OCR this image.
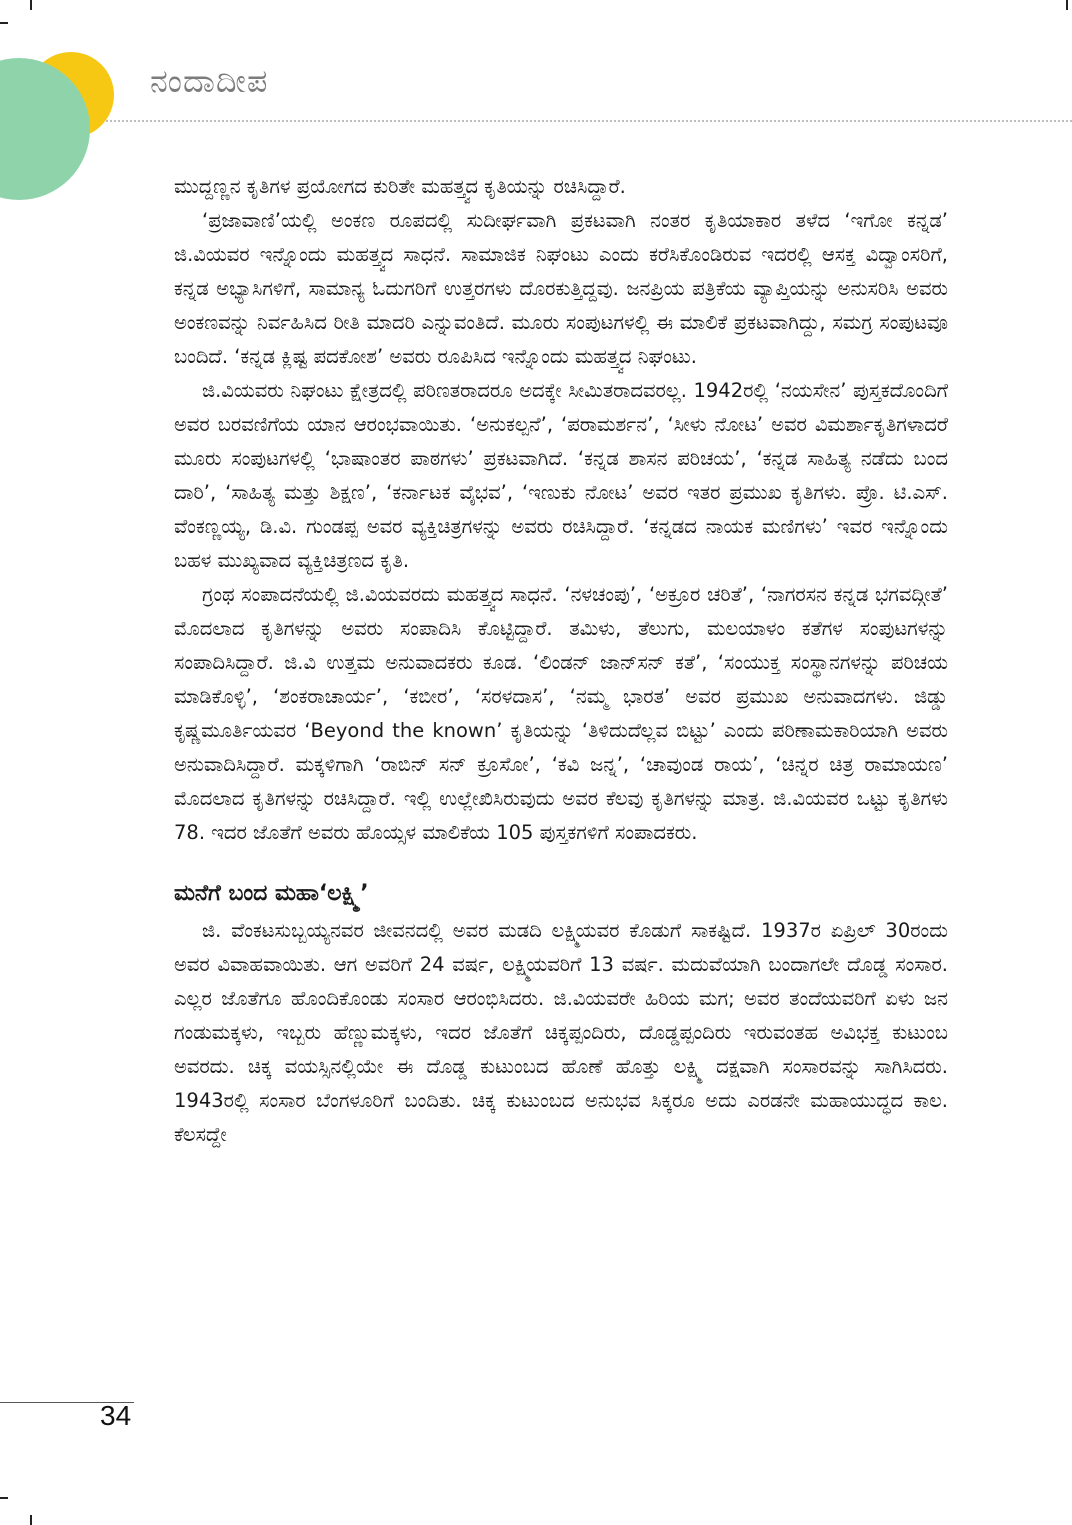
ನಂದಾದೀಪ

ಮುದ್ದಣ್ಣನ ಕೃತಿಗಳ ಪ್ರಯೋಗದ ಕುರಿತೇ ಮಹತ್ತ್ವದ ಕೃತಿಯನ್ನು ರಚಿಸಿದ್ದಾರೆ.

‘ಪ್ರಜಾವಾಣಿ’ಯಲ್ಲಿ ಅಂಕಣ ರೂಪದಲ್ಲಿ ಸುದೀರ್ಘವಾಗಿ ಪ್ರಕಟವಾಗಿ ನಂತರ ಕೃತಿಯಾಕಾರ ತಳೆದ ‘ಇಗೋ ಕನ್ನಡ’ ಜಿ.ವಿಯವರ ಇನ್ನೊಂದು ಮಹತ್ತ್ವದ ಸಾಧನೆ. ಸಾಮಾಜಿಕ ನಿಘಂಟು ಎಂದು ಕರೆಸಿಕೊಂಡಿರುವ ಇದರಲ್ಲಿ ಆಸಕ್ತ ವಿದ್ವಾಂಸರಿಗೆ, ಕನ್ನಡ ಅಭ್ಯಾಸಿಗಳಿಗೆ, ಸಾಮಾನ್ಯ ಓದುಗರಿಗೆ ಉತ್ತರಗಳು ದೊರಕುತ್ತಿದ್ದವು. ಜನಪ್ರಿಯ ಪತ್ರಿಕೆಯ ವ್ಯಾಪ್ತಿಯನ್ನು ಅನುಸರಿಸಿ ಅವರು ಅಂಕಣವನ್ನು ನಿರ್ವಹಿಸಿದ ರೀತಿ ಮಾದರಿ ಎನ್ನುವಂತಿದೆ. ಮೂರು ಸಂಪುಟಗಳಲ್ಲಿ ಈ ಮಾಲಿಕೆ ಪ್ರಕಟವಾಗಿದ್ದು, ಸಮಗ್ರ ಸಂಪುಟವೂ ಬಂದಿದೆ. ‘ಕನ್ನಡ ಕ್ಲಿಷ್ಟ ಪದಕೋಶ’ ಅವರು ರೂಪಿಸಿದ ಇನ್ನೊಂದು ಮಹತ್ತ್ವದ ನಿಘಂಟು.

ಜಿ.ವಿಯವರು ನಿಘಂಟು ಕ್ಷೇತ್ರದಲ್ಲಿ ಪರಿಣತರಾದರೂ ಅದಕ್ಕೇ ಸೀಮಿತರಾದವರಲ್ಲ. 1942ರಲ್ಲಿ ‘ನಯಸೇನ’ ಪುಸ್ತಕದೊಂದಿಗೆ ಅವರ ಬರವಣಿಗೆಯ ಯಾನ ಆರಂಭವಾಯಿತು. ‘ಅನುಕಲ್ಪನೆ’, ‘ಪರಾಮರ್ಶನ’, ‘ಸೀಳು ನೋಟ’ ಅವರ ವಿಮರ್ಶಾಕೃತಿಗಳಾದರೆ ಮೂರು ಸಂಪುಟಗಳಲ್ಲಿ ‘ಭಾಷಾಂತರ ಪಾಠಗಳು’ ಪ್ರಕಟವಾಗಿದೆ. ‘ಕನ್ನಡ ಶಾಸನ ಪರಿಚಯ’, ‘ಕನ್ನಡ ಸಾಹಿತ್ಯ ನಡೆದು ಬಂದ ದಾರಿ’, ‘ಸಾಹಿತ್ಯ ಮತ್ತು ಶಿಕ್ಷಣ’, ‘ಕರ್ನಾಟಕ ವೈಭವ’, ‘ಇಣುಕು ನೋಟ’ ಅವರ ಇತರ ಪ್ರಮುಖ ಕೃತಿಗಳು. ಪ್ರೊ. ಟಿ.ಎಸ್. ವೆಂಕಣ್ಣಯ್ಯ, ಡಿ.ವಿ. ಗುಂಡಪ್ಪ ಅವರ ವ್ಯಕ್ತಿಚಿತ್ರಗಳನ್ನು ಅವರು ರಚಿಸಿದ್ದಾರೆ. ‘ಕನ್ನಡದ ನಾಯಕ ಮಣಿಗಳು’ ಇವರ ಇನ್ನೊಂದು ಬಹಳ ಮುಖ್ಯವಾದ ವ್ಯಕ್ತಿಚಿತ್ರಣದ ಕೃತಿ.

ಗ್ರಂಥ ಸಂಪಾದನೆಯಲ್ಲಿ ಜಿ.ವಿಯವರದು ಮಹತ್ತ್ವದ ಸಾಧನೆ. ‘ನಳಚಂಪು’, ‘ಅಕ್ರೂರ ಚರಿತೆ’, ‘ನಾಗರಸನ ಕನ್ನಡ ಭಗವದ್ಗೀತೆ’ ಮೊದಲಾದ ಕೃತಿಗಳನ್ನು ಅವರು ಸಂಪಾದಿಸಿ ಕೊಟ್ಟಿದ್ದಾರೆ. ತಮಿಳು, ತೆಲುಗು, ಮಲಯಾಳಂ ಕತೆಗಳ ಸಂಪುಟಗಳನ್ನು ಸಂಪಾದಿಸಿದ್ದಾರೆ. ಜಿ.ವಿ ಉತ್ತಮ ಅನುವಾದಕರು ಕೂಡ. ‘ಲಿಂಡನ್ ಜಾನ್‌ಸನ್ ಕತೆ’, ‘ಸಂಯುಕ್ತ ಸಂಸ್ಥಾನಗಳನ್ನು ಪರಿಚಯ ಮಾಡಿಕೊಳ್ಳಿ’, ‘ಶಂಕರಾಚಾರ್ಯ’, ‘ಕಬೀರ’, ‘ಸರಳದಾಸ’, ‘ನಮ್ಮ ಭಾರತ’ ಅವರ ಪ್ರಮುಖ ಅನುವಾದಗಳು. ಜಿಡ್ಡು ಕೃಷ್ಣಮೂರ್ತಿಯವರ ‘Beyond the known’ ಕೃತಿಯನ್ನು ‘ತಿಳಿದುದೆಲ್ಲವ ಬಿಟ್ಟು’ ಎಂದು ಪರಿಣಾಮಕಾರಿಯಾಗಿ ಅವರು ಅನುವಾದಿಸಿದ್ದಾರೆ. ಮಕ್ಕಳಿಗಾಗಿ ‘ರಾಬಿನ್ ಸನ್ ಕ್ರೂಸೋ’, ‘ಕವಿ ಜನ್ನ’, ‘ಚಾವುಂಡ ರಾಯ’, ‘ಚಿನ್ನರ ಚಿತ್ರ ರಾಮಾಯಣ’ ಮೊದಲಾದ ಕೃತಿಗಳನ್ನು ರಚಿಸಿದ್ದಾರೆ. ಇಲ್ಲಿ ಉಲ್ಲೇಖಿಸಿರುವುದು ಅವರ ಕೆಲವು ಕೃತಿಗಳನ್ನು ಮಾತ್ರ. ಜಿ.ವಿಯವರ ಒಟ್ಟು ಕೃತಿಗಳು 78. ಇದರ ಜೊತೆಗೆ ಅವರು ಹೊಯ್ಸಳ ಮಾಲಿಕೆಯ 105 ಪುಸ್ತಕಗಳಿಗೆ ಸಂಪಾದಕರು.

ಮನೆಗೆ ಬಂದ ಮಹಾ‘ಲಕ್ಷ್ಮಿ’

ಜಿ. ವೆಂಕಟಸುಬ್ಬಯ್ಯನವರ ಜೀವನದಲ್ಲಿ ಅವರ ಮಡದಿ ಲಕ್ಷ್ಮಿಯವರ ಕೊಡುಗೆ ಸಾಕಷ್ಟಿದೆ. 1937ರ ಏಪ್ರಿಲ್ 30ರಂದು ಅವರ ವಿವಾಹವಾಯಿತು. ಆಗ ಅವರಿಗೆ 24 ವರ್ಷ, ಲಕ್ಷ್ಮಿಯವರಿಗೆ 13 ವರ್ಷ. ಮದುವೆಯಾಗಿ ಬಂದಾಗಲೇ ದೊಡ್ಡ ಸಂಸಾರ. ಎಲ್ಲರ ಜೊತೆಗೂ ಹೊಂದಿಕೊಂಡು ಸಂಸಾರ ಆರಂಭಿಸಿದರು. ಜಿ.ವಿಯವರೇ ಹಿರಿಯ ಮಗ; ಅವರ ತಂದೆಯವರಿಗೆ ಏಳು ಜನ ಗಂಡುಮಕ್ಕಳು, ಇಬ್ಬರು ಹೆಣ್ಣುಮಕ್ಕಳು, ಇದರ ಜೊತೆಗೆ ಚಿಕ್ಕಪ್ಪಂದಿರು, ದೊಡ್ಡಪ್ಪಂದಿರು ಇರುವಂತಹ ಅವಿಭಕ್ತ ಕುಟುಂಬ ಅವರದು. ಚಿಕ್ಕ ವಯಸ್ಸಿನಲ್ಲಿಯೇ ಈ ದೊಡ್ಡ ಕುಟುಂಬದ ಹೊಣೆ ಹೊತ್ತು ಲಕ್ಷ್ಮಿ ದಕ್ಷವಾಗಿ ಸಂಸಾರವನ್ನು ಸಾಗಿಸಿದರು. 1943ರಲ್ಲಿ ಸಂಸಾರ ಬೆಂಗಳೂರಿಗೆ ಬಂದಿತು. ಚಿಕ್ಕ ಕುಟುಂಬದ ಅನುಭವ ಸಿಕ್ಕರೂ ಅದು ಎರಡನೇ ಮಹಾಯುದ್ಧದ ಕಾಲ. ಕೆಲಸದ್ದೇ

34
